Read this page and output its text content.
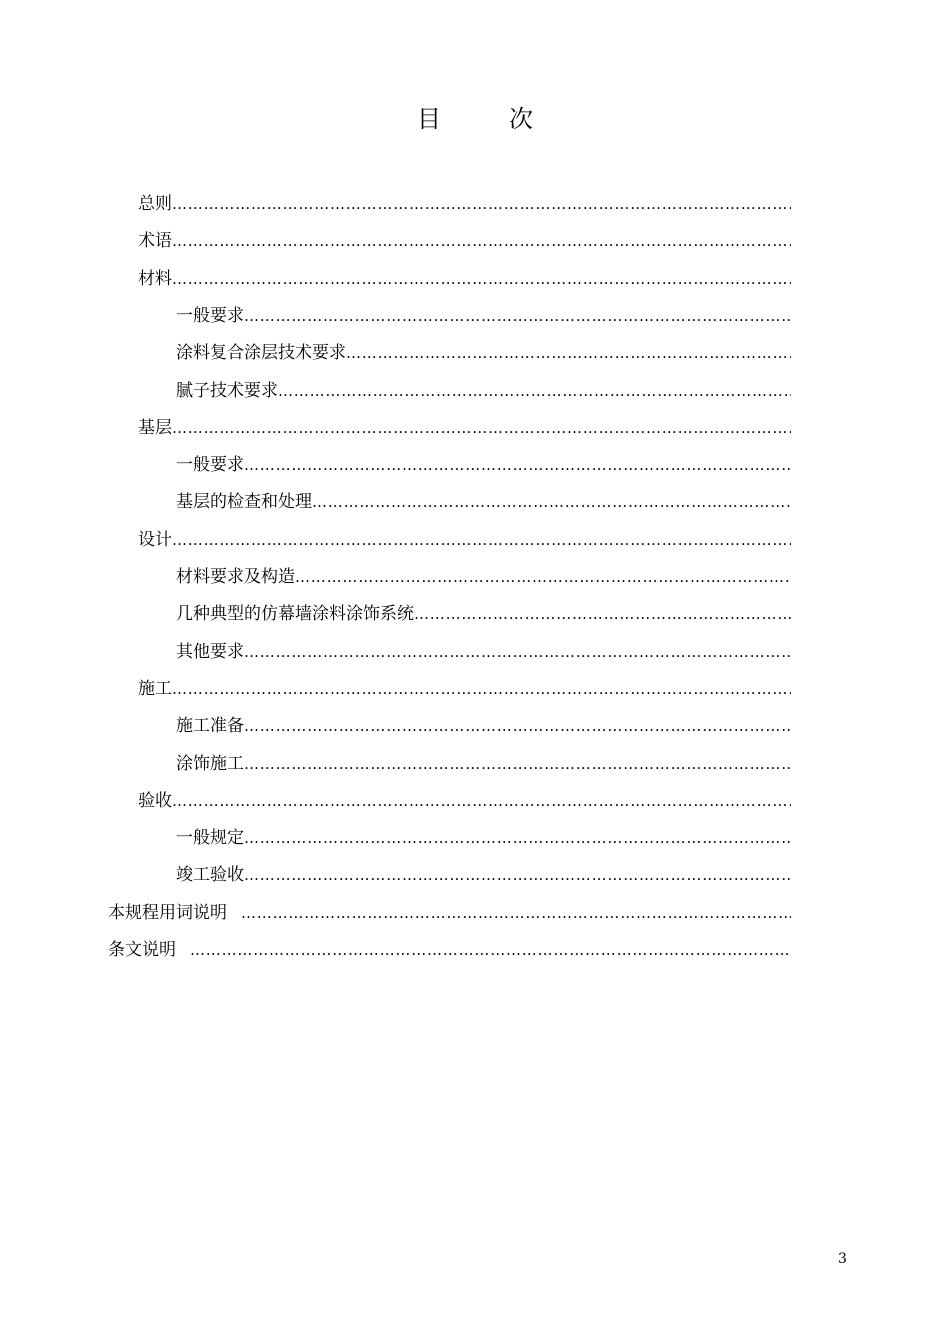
目　次
总则
………………………………………………………………………………………………………………………………………………………………………………………………………………
术语
………………………………………………………………………………………………………………………………………………………………………………………………………………
材料
………………………………………………………………………………………………………………………………………………………………………………………………………………
一般要求
………………………………………………………………………………………………………………………………………………………………………………………………………………
涂料复合涂层技术要求
………………………………………………………………………………………………………………………………………………………………………………………………………………
腻子技术要求
………………………………………………………………………………………………………………………………………………………………………………………………………………
基层
………………………………………………………………………………………………………………………………………………………………………………………………………………
一般要求
………………………………………………………………………………………………………………………………………………………………………………………………………………
基层的检查和处理
………………………………………………………………………………………………………………………………………………………………………………………………………………
设计
………………………………………………………………………………………………………………………………………………………………………………………………………………
材料要求及构造
………………………………………………………………………………………………………………………………………………………………………………………………………………
几种典型的仿幕墙涂料涂饰系统
………………………………………………………………………………………………………………………………………………………………………………………………………………
其他要求
………………………………………………………………………………………………………………………………………………………………………………………………………………
施工
………………………………………………………………………………………………………………………………………………………………………………………………………………
施工准备
………………………………………………………………………………………………………………………………………………………………………………………………………………
涂饰施工
………………………………………………………………………………………………………………………………………………………………………………………………………………
验收
………………………………………………………………………………………………………………………………………………………………………………………………………………
一般规定
………………………………………………………………………………………………………………………………………………………………………………………………………………
竣工验收
………………………………………………………………………………………………………………………………………………………………………………………………………………
本规程用词说明
………………………………………………………………………………………………………………………………………………………………………………………………………………
条文说明
………………………………………………………………………………………………………………………………………………………………………………………………………………
3
